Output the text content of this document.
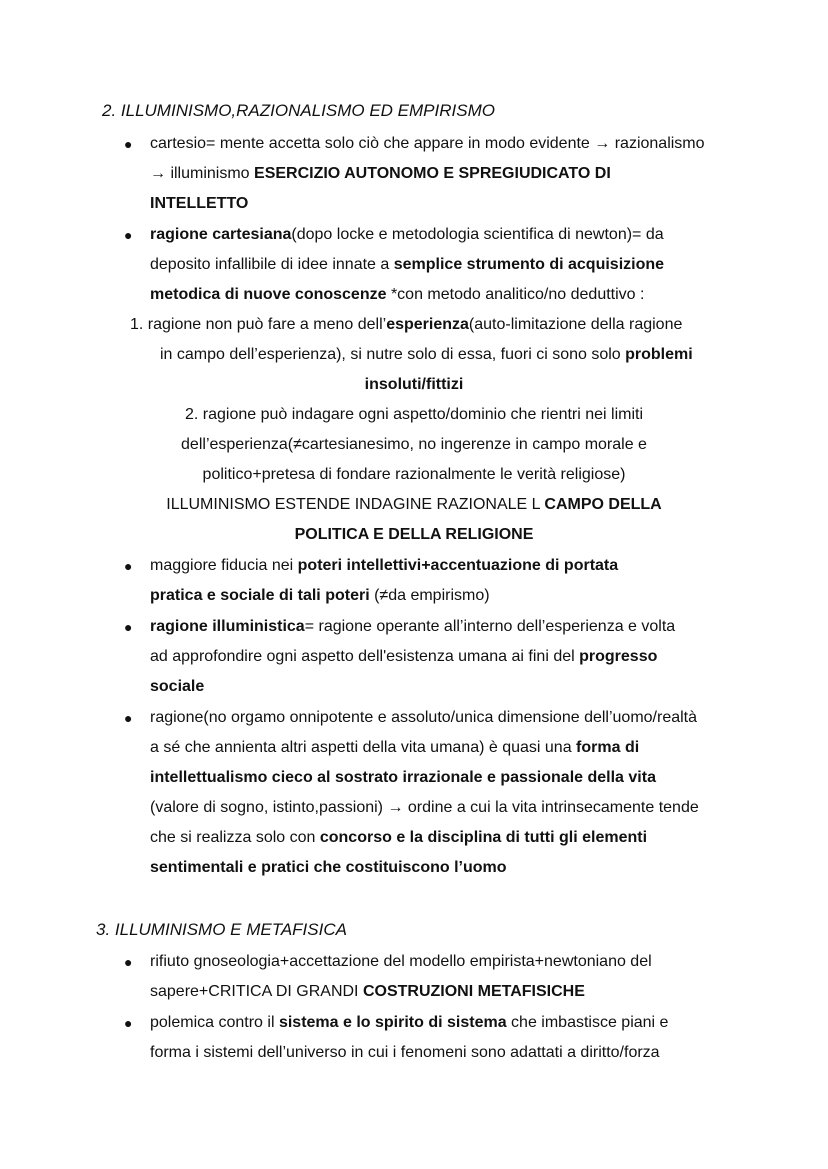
2. ILLUMINISMO,RAZIONALISMO ED EMPIRISMO
● cartesio= mente accetta solo ciò che appare in modo evidente → razionalismo
→ illuminismo ESERCIZIO AUTONOMO E SPREGIUDICATO DI
INTELLETTO
● ragione cartesiana(dopo locke e metodologia scientifica di newton)= da
deposito infallibile di idee innate a semplice strumento di acquisizione
metodica di nuove conoscenze *con metodo analitico/no deduttivo :
1. ragione non può fare a meno dell’esperienza(auto-limitazione della ragione
in campo dell’esperienza), si nutre solo di essa, fuori ci sono solo problemi
insoluti/fittizi
2. ragione può indagare ogni aspetto/dominio che rientri nei limiti
dell’esperienza(≠cartesianesimo, no ingerenze in campo morale e
politico+pretesa di fondare razionalmente le verità religiose)
ILLUMINISMO ESTENDE INDAGINE RAZIONALE L CAMPO DELLA
POLITICA E DELLA RELIGIONE
● maggiore fiducia nei poteri intellettivi+accentuazione di portata
pratica e sociale di tali poteri (≠da empirismo)
● ragione illuministica= ragione operante all’interno dell’esperienza e volta
ad approfondire ogni aspetto dell'esistenza umana ai fini del progresso
sociale
● ragione(no orgamo onnipotente e assoluto/unica dimensione dell’uomo/realtà
a sé che annienta altri aspetti della vita umana) è quasi una forma di
intellettualismo cieco al sostrato irrazionale e passionale della vita
(valore di sogno, istinto,passioni) → ordine a cui la vita intrinsecamente tende
che si realizza solo con concorso e la disciplina di tutti gli elementi
sentimentali e pratici che costituiscono l’uomo
3. ILLUMINISMO E METAFISICA
● rifiuto gnoseologia+accettazione del modello empirista+newtoniano del
sapere+CRITICA DI GRANDI COSTRUZIONI METAFISICHE
● polemica contro il sistema e lo spirito di sistema che imbastisce piani e
forma i sistemi dell’universo in cui i fenomeni sono adattati a diritto/forza
